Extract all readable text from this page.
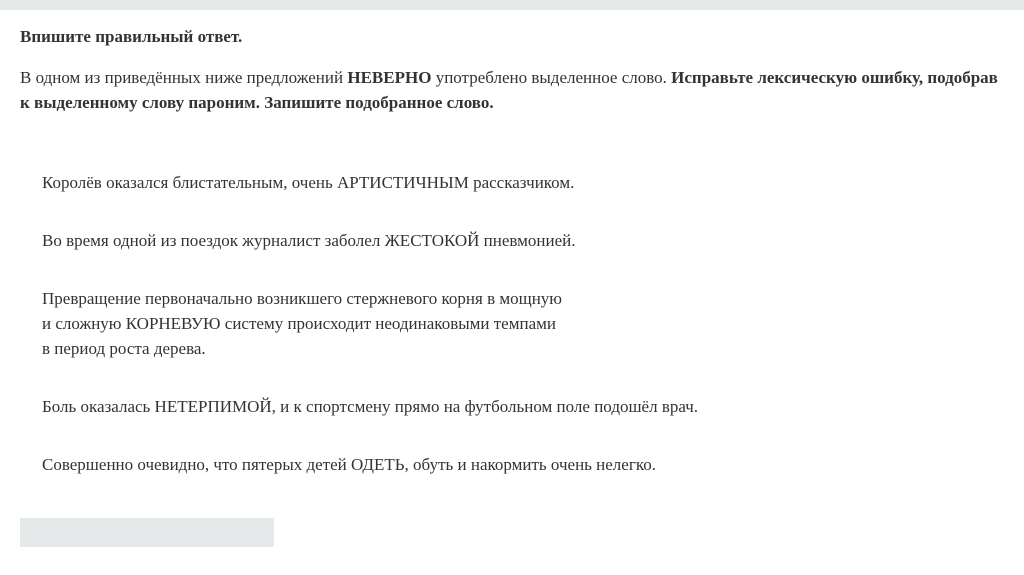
Впишите правильный ответ.
В одном из приведённых ниже предложений НЕВЕРНО употреблено выделенное слово. Исправьте лексическую ошибку, подобрав
к выделенному слову пароним. Запишите подобранное слово.
Королёв оказался блистательным, очень АРТИСТИЧНЫМ рассказчиком.
Во время одной из поездок журналист заболел ЖЕСТОКОЙ пневмонией.
Превращение первоначально возникшего стержневого корня в мощную
и сложную КОРНЕВУЮ систему происходит неодинаковыми темпами
в период роста дерева.
Боль оказалась НЕТЕРПИМОЙ, и к спортсмену прямо на футбольном поле подошёл врач.
Совершенно очевидно, что пятерых детей ОДЕТЬ, обуть и накормить очень нелегко.
